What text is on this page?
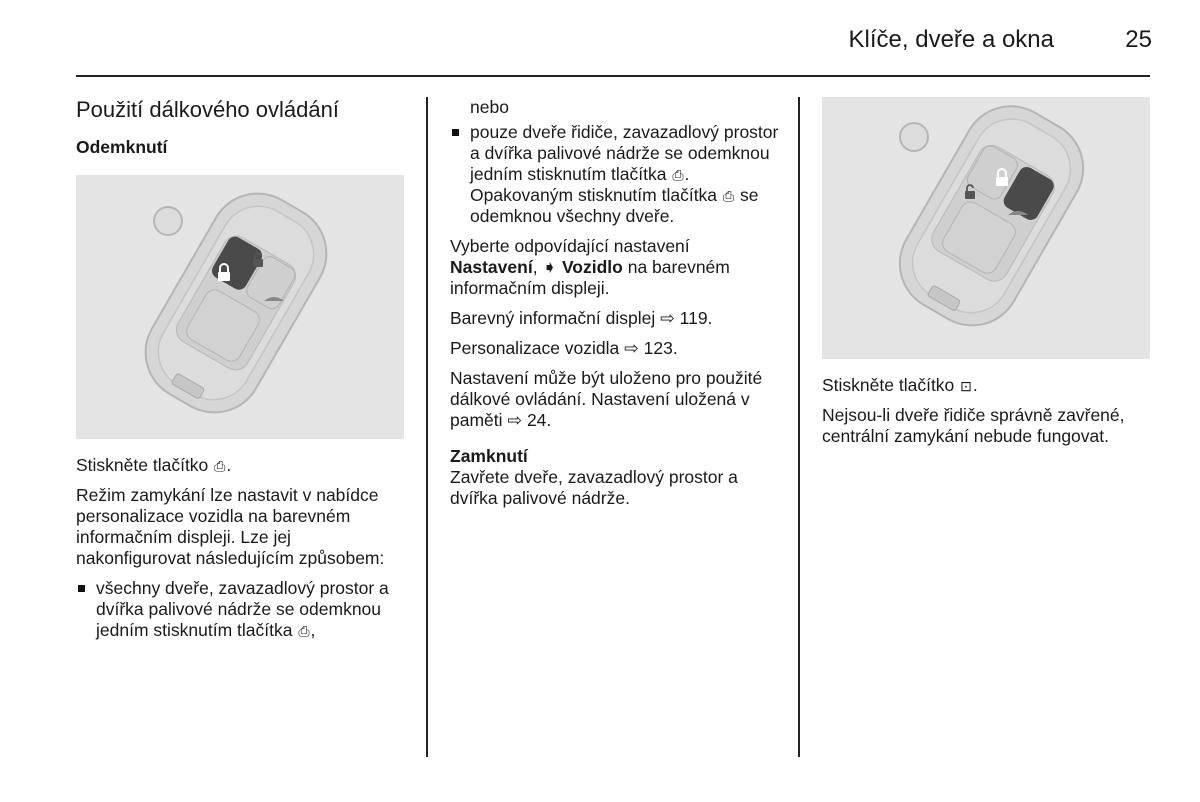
Klíče, dveře a okna	25
Použití dálkového ovládání
Odemknutí

Stiskněte tlačítko ⎙.

Režim zamykání lze nastavit v nabídce personalizace vozidla na barevném informačním displeji. Lze jej nakonfigurovat následujícím způsobem:

všechny dveře, zavazadlový prostor a dvířka palivové nádrže se odemknou jedním stisknutím tlačítka ⎙,

nebo

pouze dveře řidiče, zavazadlový prostor a dvířka palivové nádrže se odemknou jedním stisknutím tlačítka ⎙. Opakovaným stisknutím tlačítka ⎙ se odemknou všechny dveře.

Vyberte odpovídající nastavení Nastavení, ➧ Vozidlo na barevném informačním displeji.

Barevný informační displej ⇨ 119.

Personalizace vozidla ⇨ 123.

Nastavení může být uloženo pro použité dálkové ovládání. Nastavení uložená v paměti ⇨ 24.

Zamknutí

Zavřete dveře, zavazadlový prostor a dvířka palivové nádrže.

Stiskněte tlačítko ⊡.

Nejsou-li dveře řidiče správně zavřené, centrální zamykání nebude fungovat.
